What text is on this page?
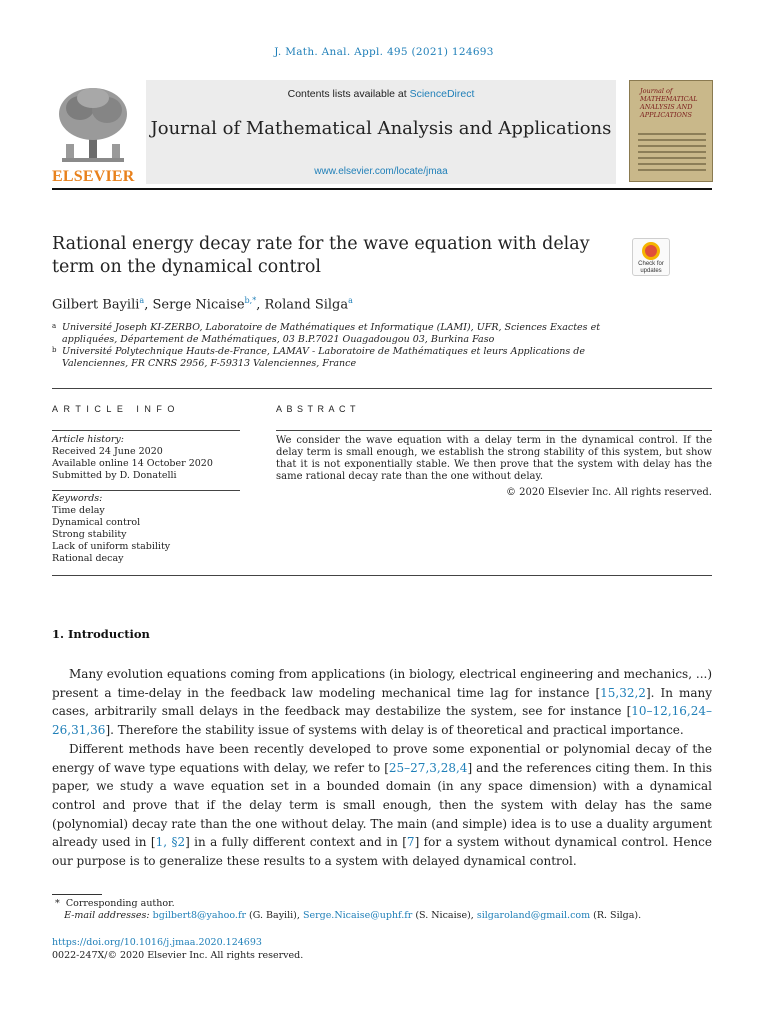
J. Math. Anal. Appl. 495 (2021) 124693
ELSEVIER
Contents lists available at ScienceDirect
Journal of Mathematical Analysis and Applications
www.elsevier.com/locate/jmaa
Journal of MATHEMATICAL ANALYSIS AND APPLICATIONS
Rational energy decay rate for the wave equation with delay term on the dynamical control	Check for updates
Gilbert Bayili$^a$, Serge Nicaise$^{b,*}$, Roland Silga$^a$
a Université Joseph KI-ZERBO, Laboratoire de Mathématiques et Informatique (LAMI), UFR, Sciences Exactes et appliquées, Département de Mathématiques, 03 B.P.7021 Ouagadougou 03, Burkina Faso
b Université Polytechnique Hauts-de-France, LAMAV - Laboratoire de Mathématiques et leurs Applications de Valenciennes, FR CNRS 2956, F-59313 Valenciennes, France
ARTICLE INFO	ABSTRACT
Article history:
Received 24 June 2020
Available online 14 October 2020
Submitted by D. Donatelli
Keywords:
Time delay
Dynamical control
Strong stability
Lack of uniform stability
Rational decay
We consider the wave equation with a delay term in the dynamical control. If the delay term is small enough, we establish the strong stability of this system, but show that it is not exponentially stable. We then prove that the system with delay has the same rational decay rate than the one without delay.
© 2020 Elsevier Inc. All rights reserved.
1. Introduction

Many evolution equations coming from applications (in biology, electrical engineering and mechanics, ...) present a time-delay in the feedback law modeling mechanical time lag for instance [15,32,2]. In many cases, arbitrarily small delays in the feedback may destabilize the system, see for instance [10–12,16,24–26,31,36]. Therefore the stability issue of systems with delay is of theoretical and practical importance.

Different methods have been recently developed to prove some exponential or polynomial decay of the energy of wave type equations with delay, we refer to [25–27,3,28,4] and the references citing them. In this paper, we study a wave equation set in a bounded domain (in any space dimension) with a dynamical control and prove that if the delay term is small enough, then the system with delay has the same (polynomial) decay rate than the one without delay. The main (and simple) idea is to use a duality argument already used in [1, §2] in a fully different context and in [7] for a system without dynamical control. Hence our purpose is to generalize these results to a system with delayed dynamical control.

* Corresponding author.
E-mail addresses: bgilbert8@yahoo.fr (G. Bayili), Serge.Nicaise@uphf.fr (S. Nicaise), silgaroland@gmail.com (R. Silga).
https://doi.org/10.1016/j.jmaa.2020.124693
0022-247X/© 2020 Elsevier Inc. All rights reserved.
